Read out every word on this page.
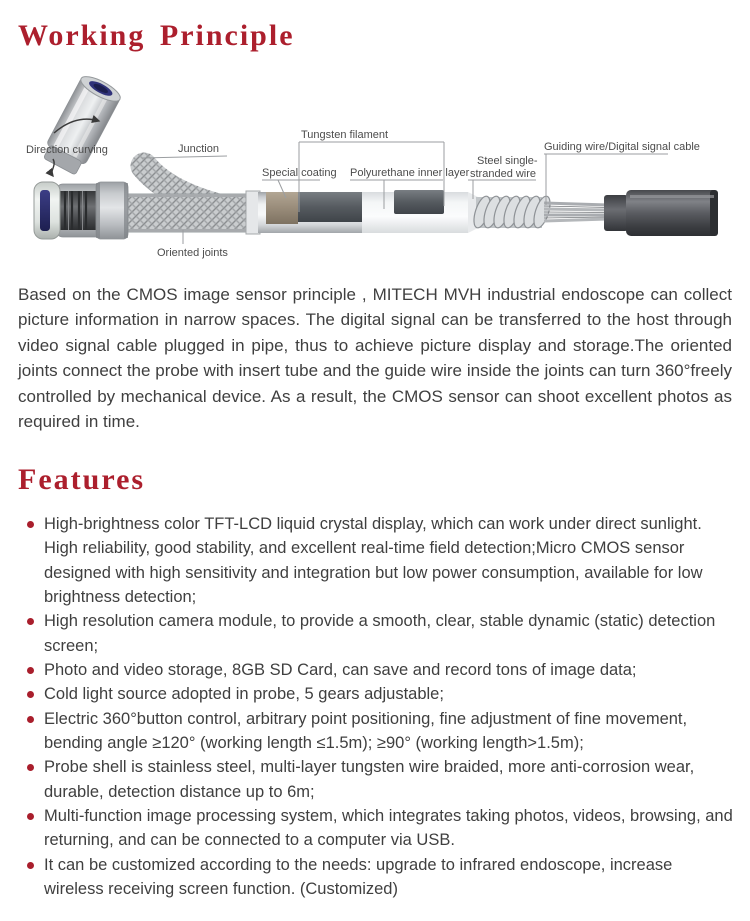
Working Principle
Direction curving	Junction
Tungsten filament
Special coating Polyurethane inner layer
Steel single-
stranded wire
Guiding wire/Digital signal cable
Oriented joints

Based on the CMOS image sensor principle , MITECH MVH industrial endoscope can collect picture information in narrow spaces. The digital signal can be transferred to the host through video signal cable plugged in pipe, thus to achieve picture display and storage.The oriented joints connect the probe with insert tube and the guide wire inside the joints can turn 360°freely controlled by mechanical device. As a result, the CMOS sensor can shoot excellent photos as required in time.

Features
High-brightness color TFT-LCD liquid crystal display, which can work under direct sunlight. High reliability, good stability, and excellent real-time field detection;Micro CMOS sensor designed with high sensitivity and integration but low power consumption, available for low brightness detection;
High resolution camera module, to provide a smooth, clear, stable dynamic (static) detection screen;
Photo and video storage, 8GB SD Card, can save and record tons of image data;
Cold light source adopted in probe, 5 gears adjustable;
Electric 360°button control, arbitrary point positioning, fine adjustment of fine movement, bending angle ≥120° (working length ≤1.5m); ≥90° (working length>1.5m);
Probe shell is stainless steel, multi-layer tungsten wire braided, more anti-corrosion wear, durable, detection distance up to 6m;
Multi-function image processing system, which integrates taking photos, videos, browsing, and returning, and can be connected to a computer via USB.
It can be customized according to the needs: upgrade to infrared endoscope, increase wireless receiving screen function. (Customized)
